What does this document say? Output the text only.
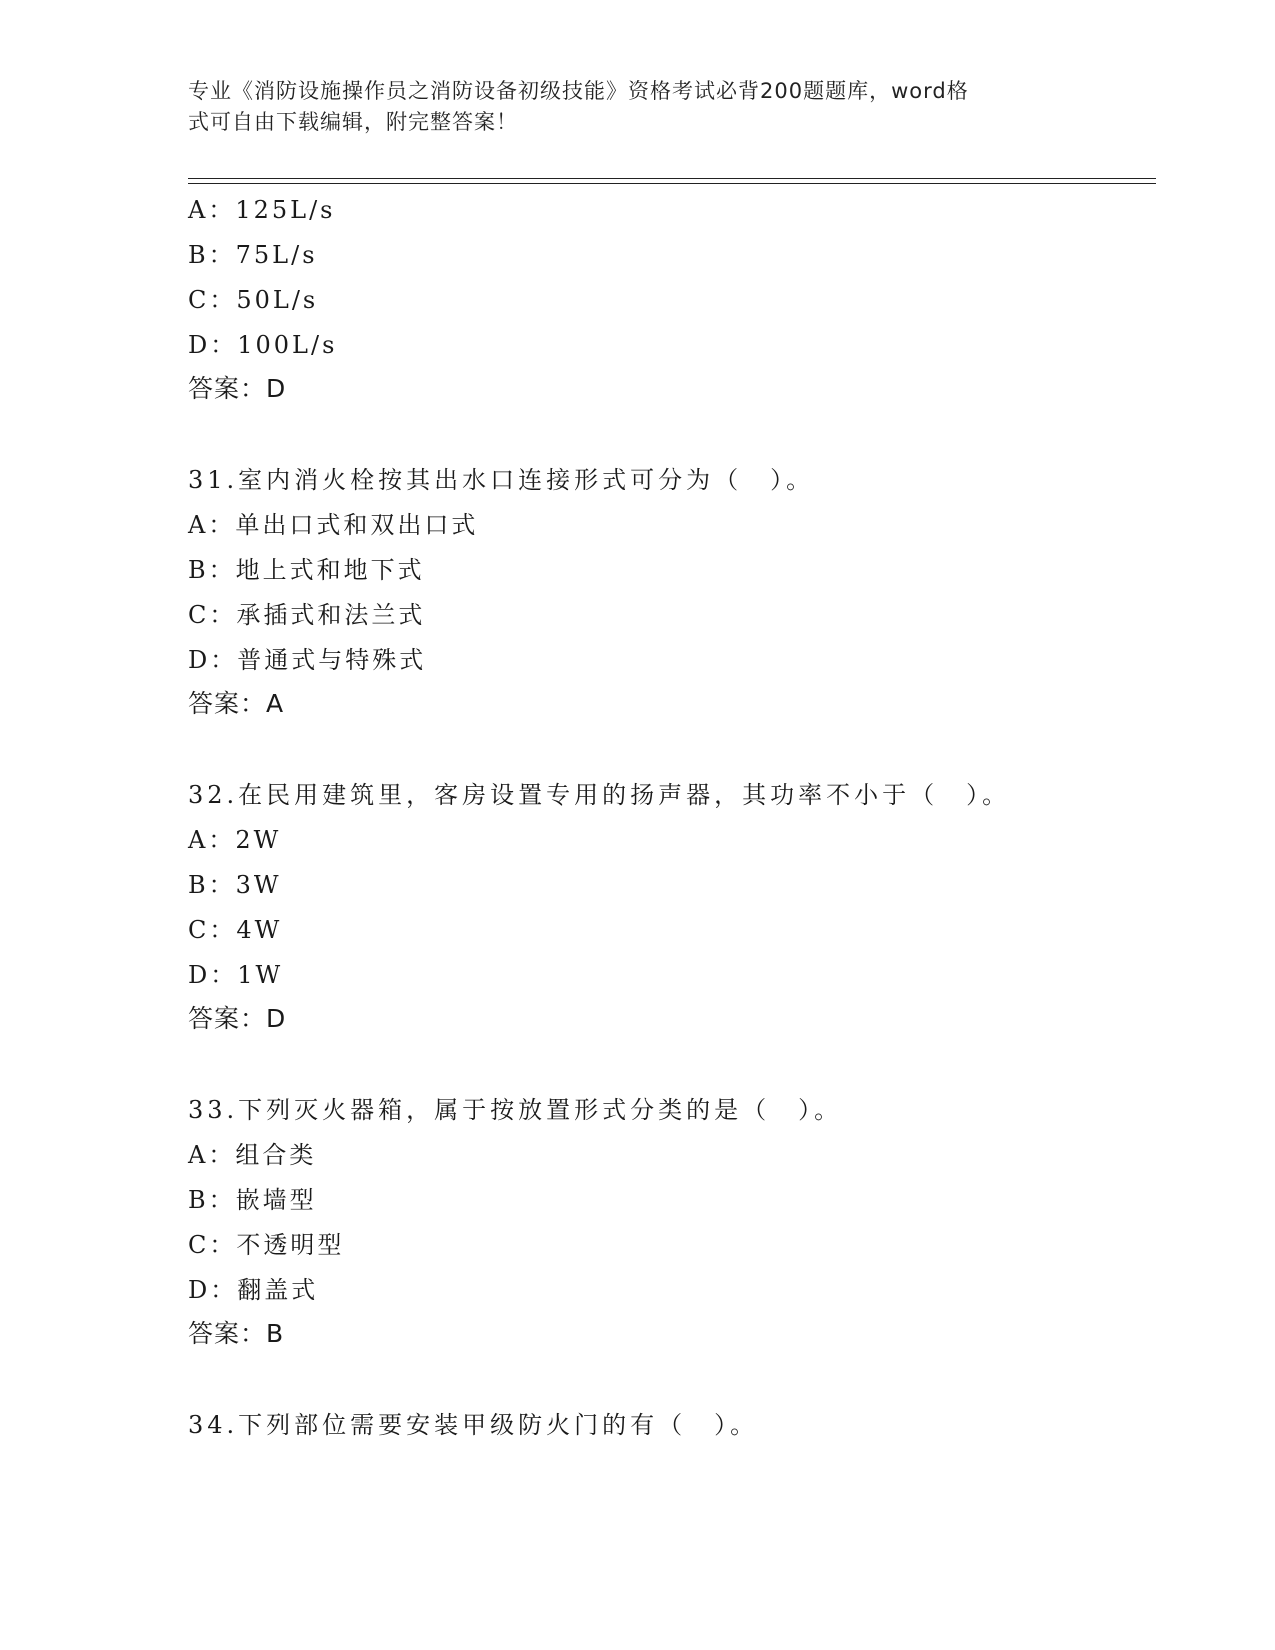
专业《消防设施操作员之消防设备初级技能》资格考试必背200题题库，word格
式可自由下载编辑，附完整答案！
A：125L/s
B：75L/s
C：50L/s
D：100L/s
答案：D
31.室内消火栓按其出水口连接形式可分为（　）。
A：单出口式和双出口式
B：地上式和地下式
C：承插式和法兰式
D：普通式与特殊式
答案：A
32.在民用建筑里，客房设置专用的扬声器，其功率不小于（　）。
A：2W
B：3W
C：4W
D：1W
答案：D
33.下列灭火器箱，属于按放置形式分类的是（　）。
A：组合类
B：嵌墙型
C：不透明型
D：翻盖式
答案：B
34.下列部位需要安装甲级防火门的有（　）。
